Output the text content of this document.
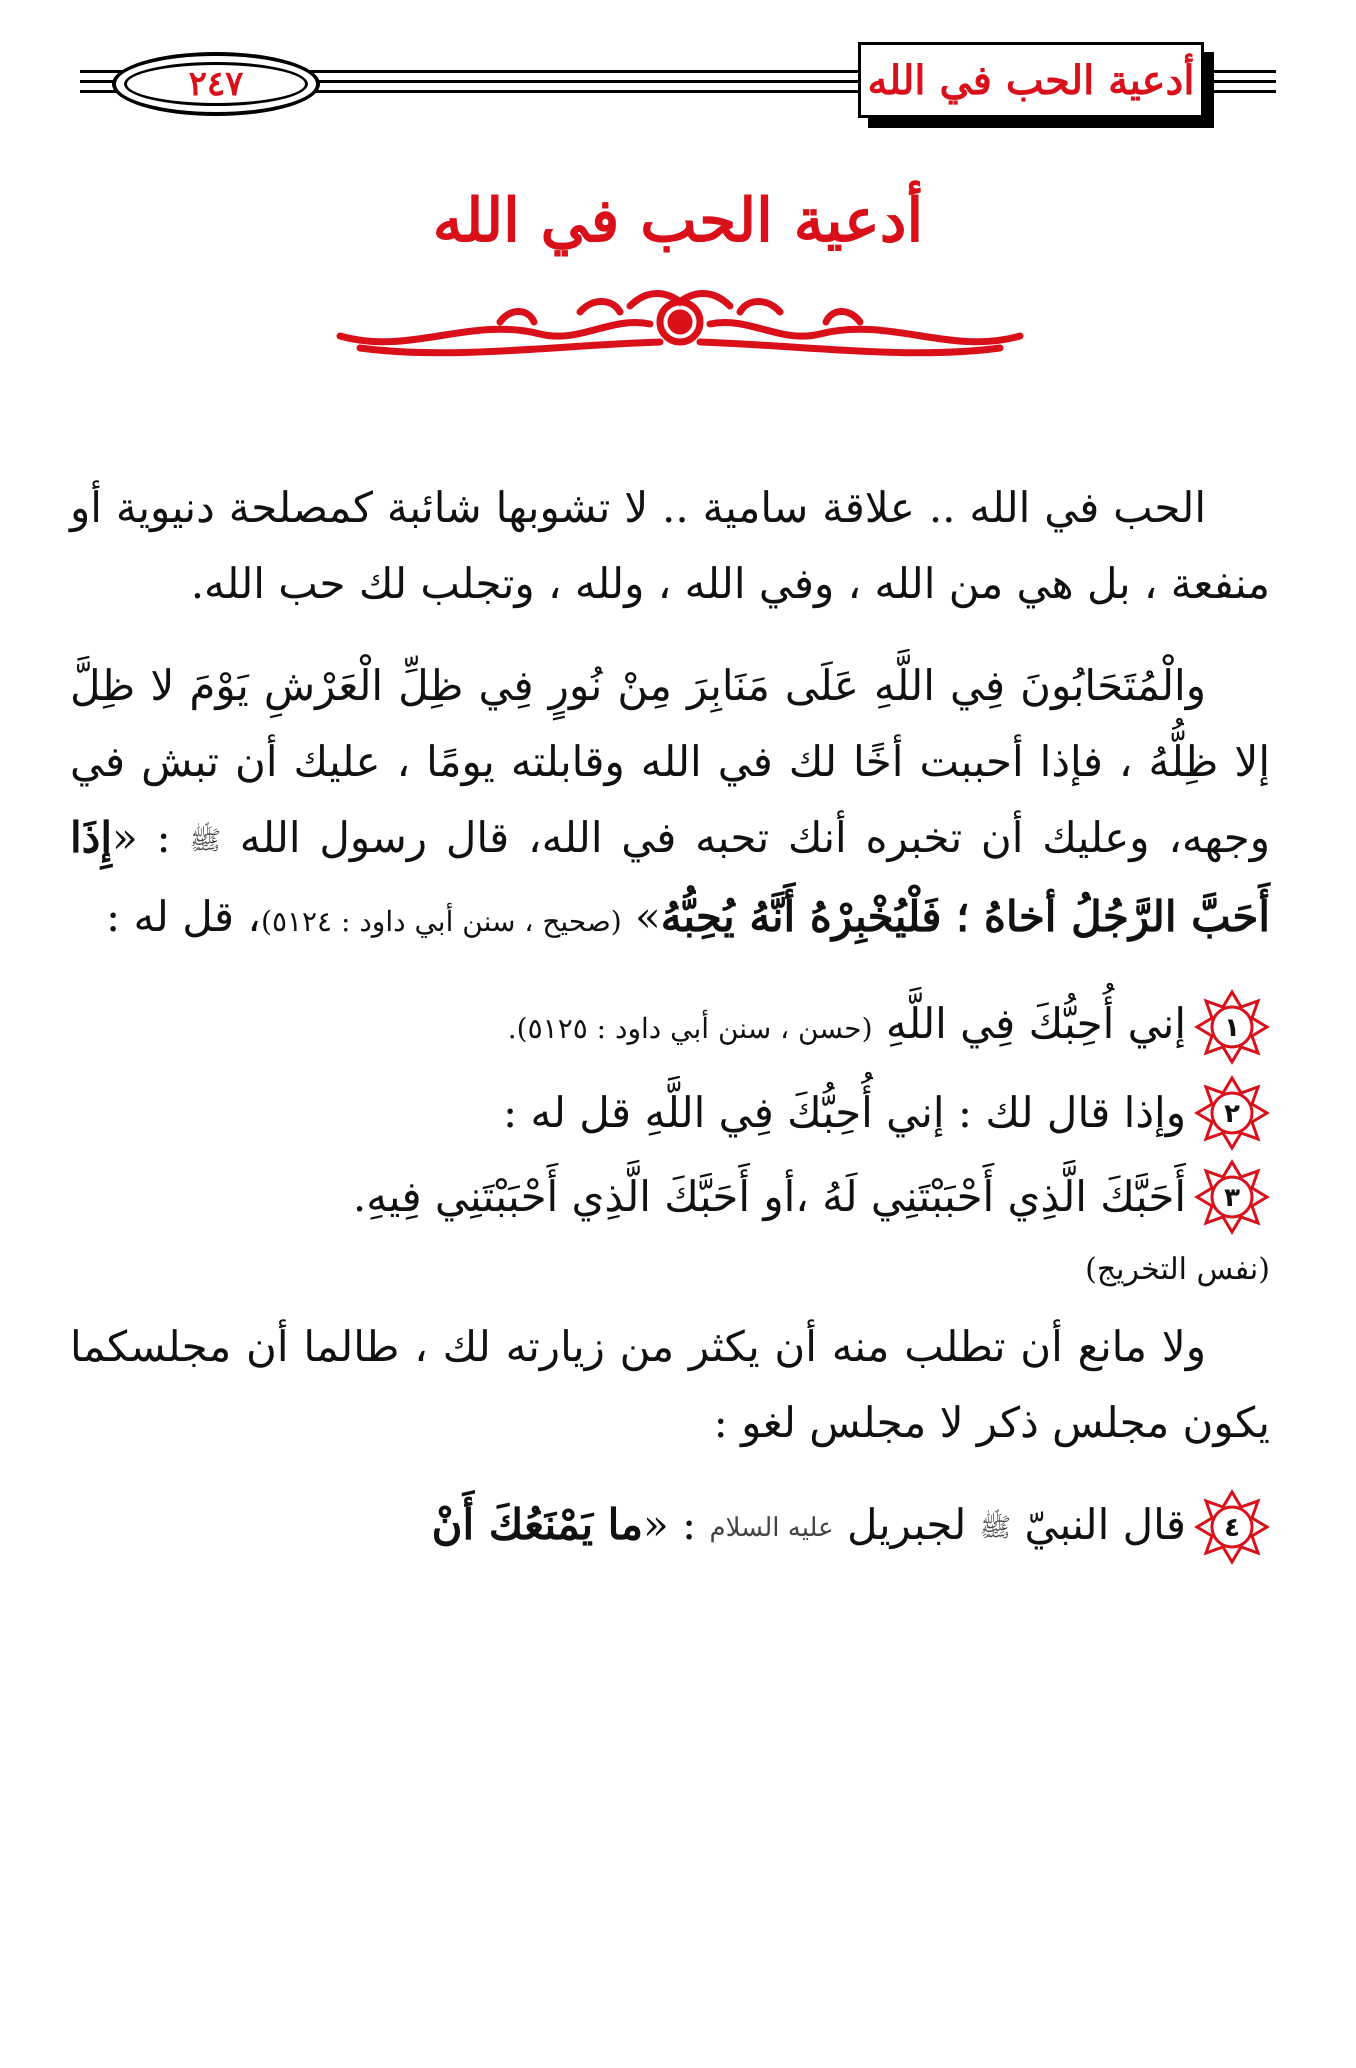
٢٤٧	أدعية الحب في الله
أدعية الحب في الله

الحب في الله .. علاقة سامية .. لا تشوبها شائبة كمصلحة دنيوية أو منفعة ، بل هي من الله ، وفي الله ، ولله ، وتجلب لك حب الله.

والْمُتَحَابُونَ فِي اللَّهِ عَلَى مَنَابِرَ مِنْ نُورٍ فِي ظِلِّ الْعَرْشِ يَوْمَ لا ظِلَّ إلا ظِلُّهُ ، فإذا أحببت أخًا لك في الله وقابلته يومًا ، عليك أن تبش في وجهه، وعليك أن تخبره أنك تحبه في الله، قال رسول الله ﷺ : «إِذَا أَحَبَّ الرَّجُلُ أخاهُ ؛ فَلْيُخْبِرْهُ أَنَّهُ يُحِبُّهُ» (صحيح ، سنن أبي داود : ٥١٢٤)، قل له :

١
إني أُحِبُّكَ فِي اللَّهِ (حسن ، سنن أبي داود : ٥١٢٥).
٢
وإذا قال لك : إني أُحِبُّكَ فِي اللَّهِ قل له :
٣
أَحَبَّكَ الَّذِي أَحْبَبْتَنِي لَهُ ،أو أَحَبَّكَ الَّذِي أَحْبَبْتَنِي فِيهِ.
(نفس التخريج)

ولا مانع أن تطلب منه أن يكثر من زيارته لك ، طالما أن مجلسكما يكون مجلس ذكر لا مجلس لغو :

٤
قال النبيّ ﷺ لجبريل عليه السلام : «ما يَمْنَعُكَ أَنْ
